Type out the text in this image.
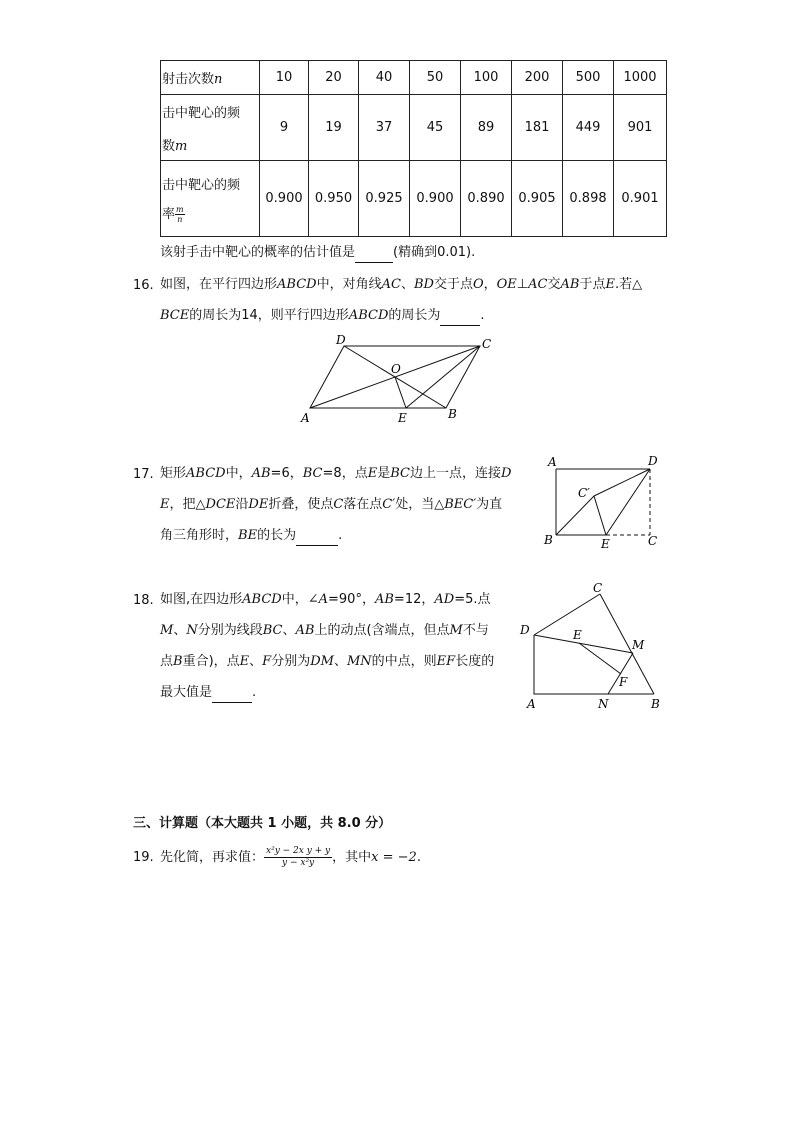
射击次数n	10	20	40	50	100	200	500	1000

击中靶心的频
数m	9	19	37	45	89	181	449	901

击中靶心的频
率 $\frac{m}{n}$	0.900	0.950	0.925	0.900	0.890	0.905	0.898	0.901
该射手击中靶心的概率的估计值是	(精确到0.01).
16. 如图，在平行四边形ABCD中，对角线AC、BD交于点O，OE⊥AC交AB于点E.若△
BCE的周长为14，则平行四边形ABCD的周长为	.
A	B
C
D
O
E
17. 矩形ABCD中，AB=6，BC=8，点E是BC边上一点，连接D
E，把△DCE沿DE折叠，使点C落在点C′处，当△BEC′为直
角三角形时，BE的长为	.
A	D
C′
B	E	C
18. 如图,在四边形ABCD中，∠A=90°，AB=12，AD=5.点
M、N分别为线段BC、AB上的动点(含端点，但点M不与
点B重合)，点E、F分别为DM、MN的中点，则EF长度的
最大值是	.
C
D	E
M
F
A	N	B
三、计算题（本大题共 1 小题，共 8.0 分）
19. 先化简，再求值： $\frac{\text{x²y − 2x y + y}}{\text{y − x²y}}$ ，其中x = −2.
